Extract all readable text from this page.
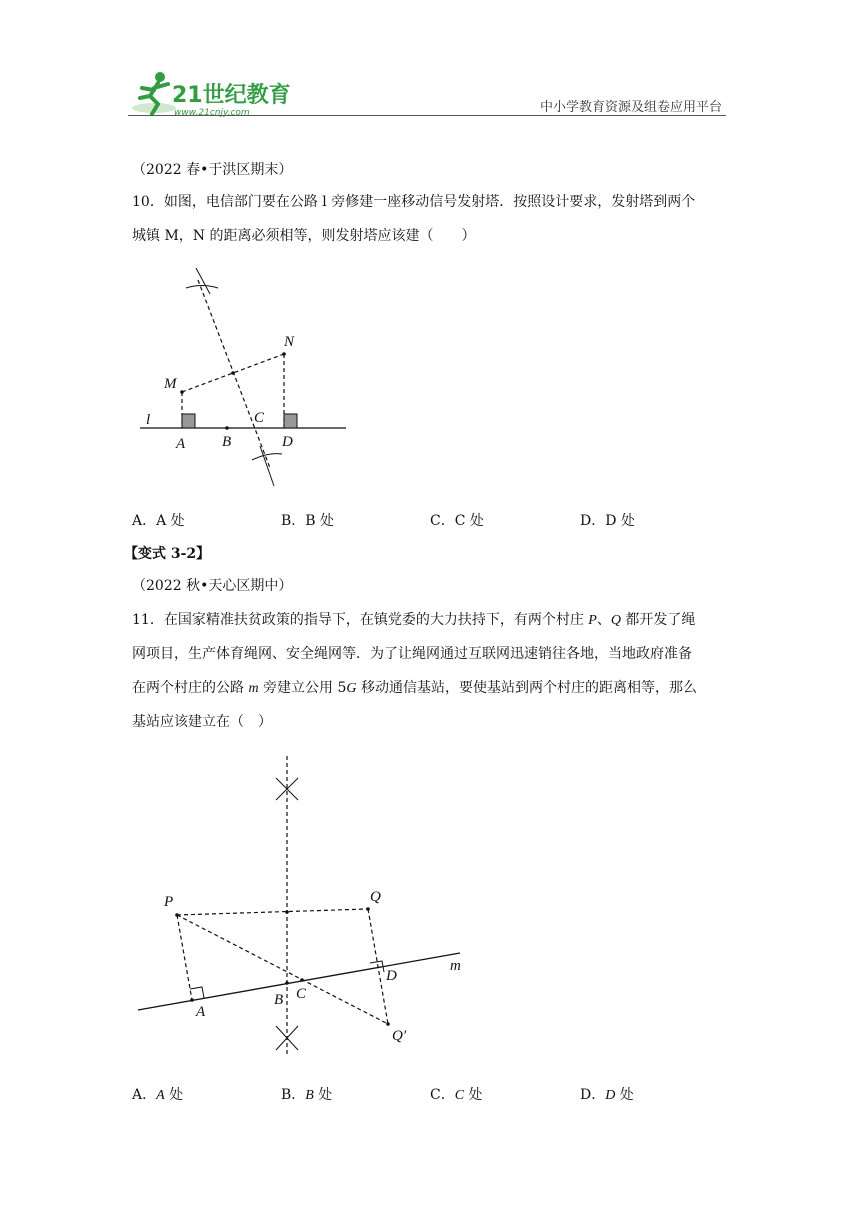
21世纪教育
www.21cnjy.com	中小学教育资源及组卷应用平台
（2022 春•于洪区期末）
10．如图，电信部门要在公路 l 旁修建一座移动信号发射塔．按照设计要求，发射塔到两个
城镇 M，N 的距离必须相等，则发射塔应该建（　　）
M
N
l
A B
C
D
A．A 处	B．B 处	C．C 处	D．D 处
【变式 3-2】
（2022 秋•天心区期中）
11．在国家精准扶贫政策的指导下，在镇党委的大力扶持下，有两个村庄 P、Q 都开发了绳
网项目，生产体育绳网、安全绳网等．为了让绳网通过互联网迅速销往各地，当地政府准备
在两个村庄的公路 m 旁建立公用 5G 移动通信基站，要使基站到两个村庄的距离相等，那么
基站应该建立在（　）
P	Q
m
A
B C
D
Q′
A．A 处	B．B 处	C．C 处	D．D 处
